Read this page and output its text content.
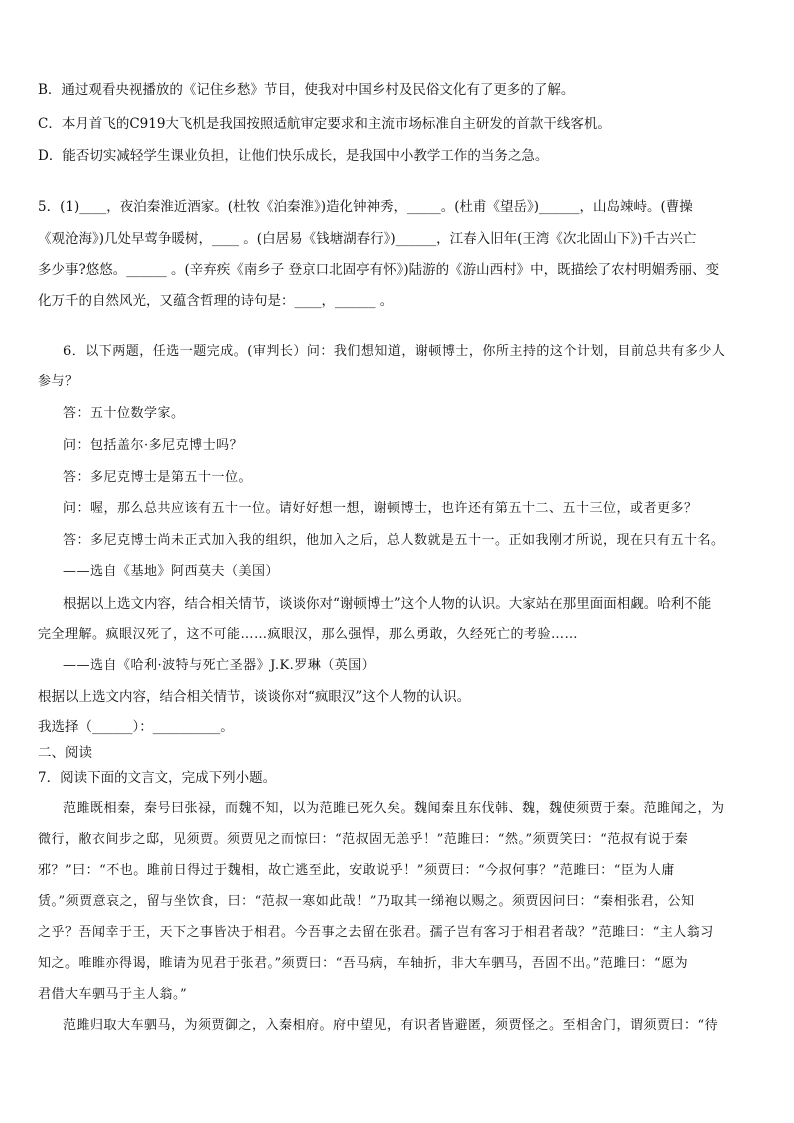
B．通过观看央视播放的《记住乡愁》节目，使我对中国乡村及民俗文化有了更多的了解。
C．本月首飞的C919大飞机是我国按照适航审定要求和主流市场标准自主研发的首款干线客机。
D．能否切实减轻学生课业负担，让他们快乐成长，是我国中小教学工作的当务之急。
5．(1)____，夜泊秦淮近酒家。(杜牧《泊秦淮》)造化钟神秀，_____。(杜甫《望岳》)______，山岛竦峙。(曹操
《观沧海》)几处早莺争暖树，____ 。(白居易《钱塘湖春行》)______，江春入旧年(王湾《次北固山下》)千古兴亡
多少事?悠悠。______ 。(辛弃疾《南乡子 登京口北固亭有怀》)陆游的《游山西村》中，既描绘了农村明媚秀丽、变
化万千的自然风光，又蕴含哲理的诗句是：____，______ 。
6．以下两题，任选一题完成。(审判长）问：我们想知道，谢顿博士，你所主持的这个计划，目前总共有多少人
参与？
答：五十位数学家。
问：包括盖尔·多尼克博士吗？
答：多尼克博士是第五十一位。
问：喔，那么总共应该有五十一位。请好好想一想，谢顿博士，也许还有第五十二、五十三位，或者更多？
答：多尼克博士尚未正式加入我的组织，他加入之后，总人数就是五十一。正如我刚才所说，现在只有五十名。
——选自《基地》阿西莫夫（美国）
根据以上选文内容，结合相关情节，谈谈你对“谢顿博士”这个人物的认识。大家站在那里面面相觑。哈利不能
完全理解。疯眼汉死了，这不可能……疯眼汉，那么强悍，那么勇敢，久经死亡的考验……
——选自《哈利·波特与死亡圣器》J.K.罗琳（英国）
根据以上选文内容，结合相关情节，谈谈你对“疯眼汉”这个人物的认识。
我选择（______）：__________。
二、阅读
7．阅读下面的文言文，完成下列小题。
范雎既相秦，秦号曰张禄，而魏不知，以为范雎已死久矣。魏闻秦且东伐韩、魏，魏使须贾于秦。范雎闻之，为
微行，敝衣间步之邸，见须贾。须贾见之而惊曰：“范叔固无恙乎！”范雎曰：“然。”须贾笑曰：“范叔有说于秦
邪？”曰：“不也。雎前日得过于魏相，故亡逃至此，安敢说乎！”须贾曰：“今叔何事？”范雎曰：“臣为人庸
赁。”须贾意哀之，留与坐饮食，曰：“范叔一寒如此哉！”乃取其一绨袍以赐之。须贾因问曰：“秦相张君，公知
之乎？吾闻幸于王，天下之事皆决于相君。今吾事之去留在张君。孺子岂有客习于相君者哉？”范雎曰：“主人翁习
知之。唯睢亦得谒，睢请为见君于张君。”须贾曰：“吾马病，车轴折，非大车驷马，吾固不出。”范雎曰：“愿为
君借大车驷马于主人翁。”
范雎归取大车驷马，为须贾御之，入秦相府。府中望见，有识者皆避匿，须贾怪之。至相舍门，谓须贾曰：“待
